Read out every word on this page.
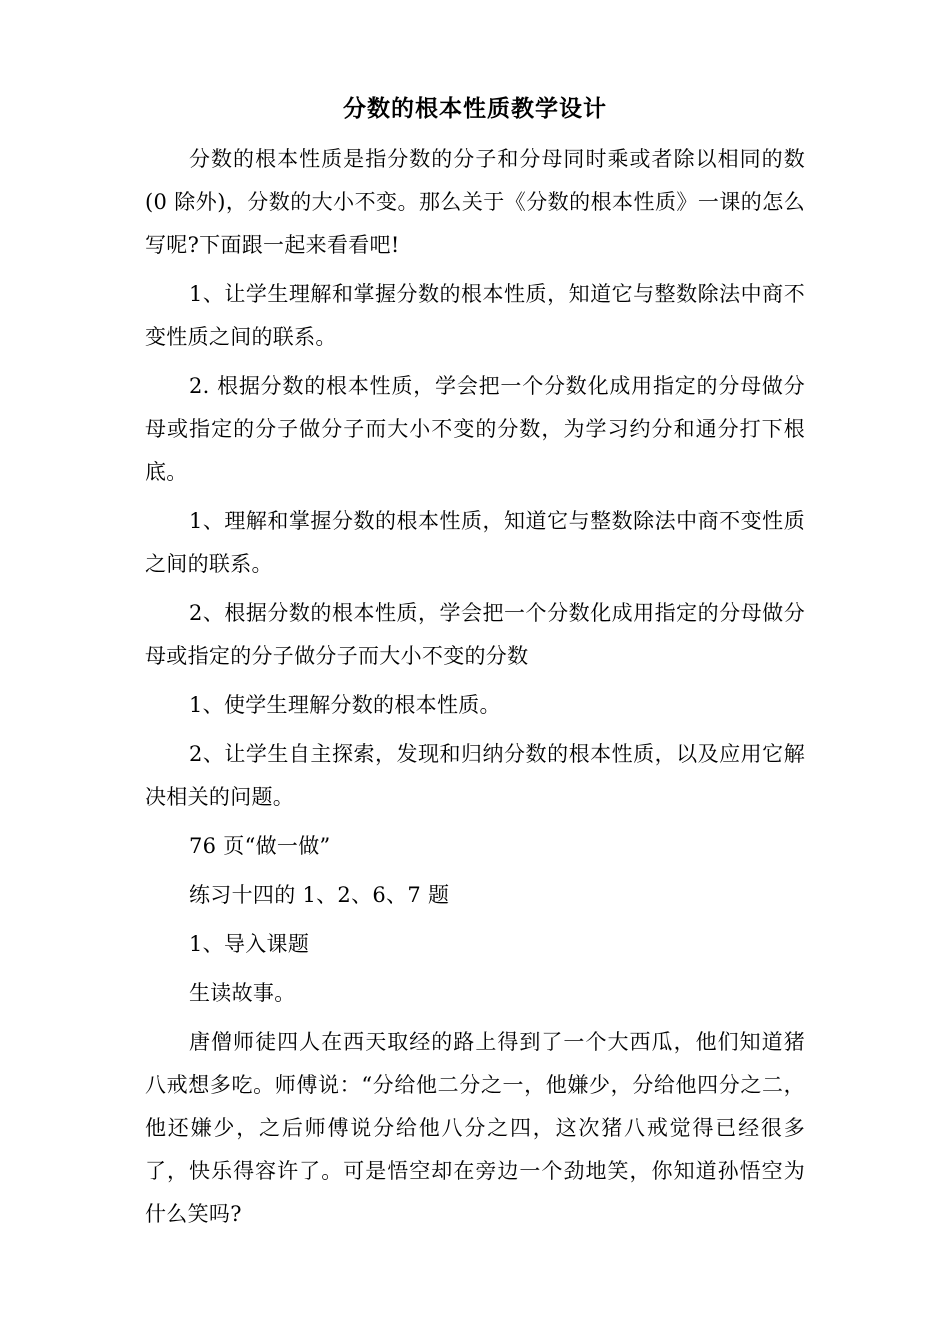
分数的根本性质教学设计

分数的根本性质是指分数的分子和分母同时乘或者除以相同的数(0 除外)，分数的大小不变。那么关于《分数的根本性质》一课的怎么写呢?下面跟一起来看看吧!

1、让学生理解和掌握分数的根本性质，知道它与整数除法中商不变性质之间的联系。

2. 根据分数的根本性质，学会把一个分数化成用指定的分母做分母或指定的分子做分子而大小不变的分数，为学习约分和通分打下根底。

1、理解和掌握分数的根本性质，知道它与整数除法中商不变性质之间的联系。

2、根据分数的根本性质，学会把一个分数化成用指定的分母做分母或指定的分子做分子而大小不变的分数

1、使学生理解分数的根本性质。

2、让学生自主探索，发现和归纳分数的根本性质，以及应用它解决相关的问题。

76 页“做一做”

练习十四的 1、2、6、7 题

1、导入课题

生读故事。

唐僧师徒四人在西天取经的路上得到了一个大西瓜，他们知道猪八戒想多吃。师傅说：“分给他二分之一，他嫌少，分给他四分之二，他还嫌少，之后师傅说分给他八分之四，这次猪八戒觉得已经很多了，快乐得容许了。可是悟空却在旁边一个劲地笑，你知道孙悟空为什么笑吗?
